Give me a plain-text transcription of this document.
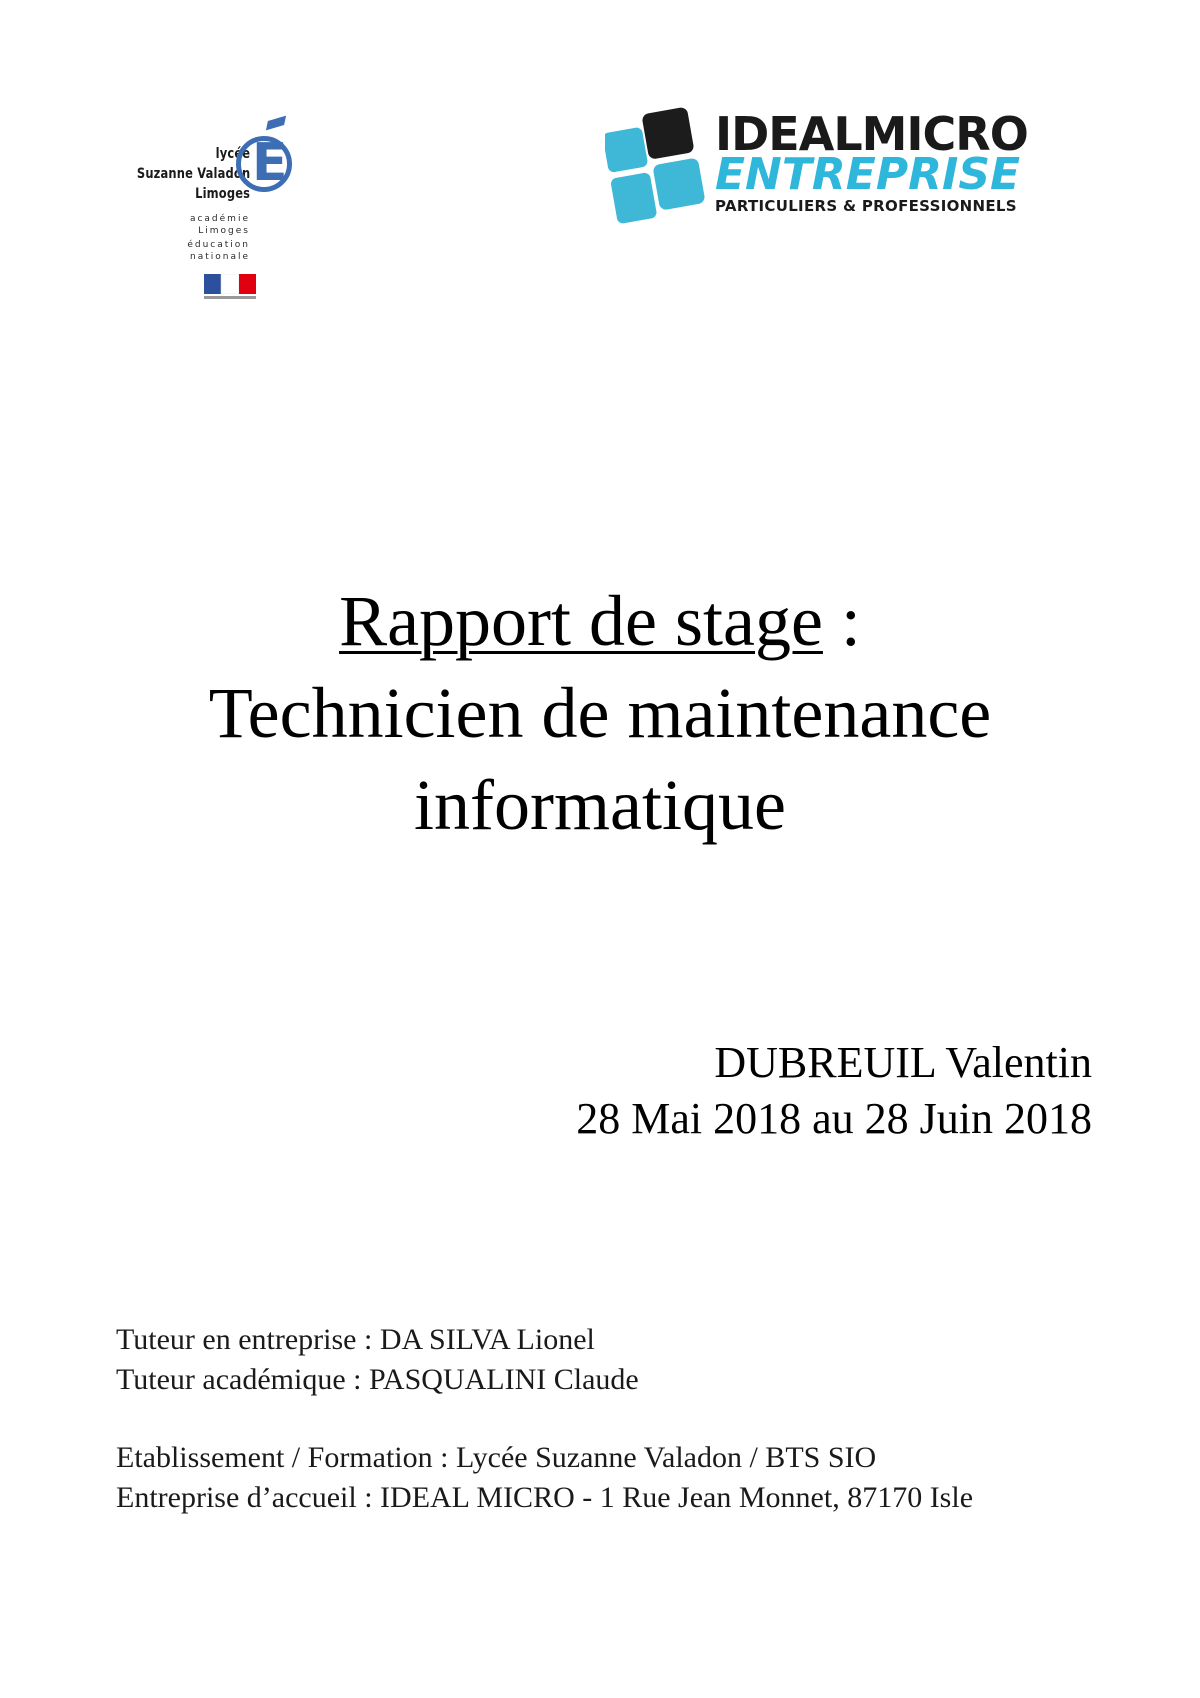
lycée
Suzanne Valadon
Limoges
académie
Limoges
éducation
nationale
E	IDEALMICRO
ENTREPRISE
PARTICULIERS & PROFESSIONNELS
Rapport de stage :
Technicien de maintenance
informatique
DUBREUIL Valentin
28 Mai 2018 au 28 Juin 2018
Tuteur en entreprise : DA SILVA Lionel
Tuteur académique : PASQUALINI Claude
Etablissement / Formation : Lycée Suzanne Valadon / BTS SIO
Entreprise d’accueil : IDEAL MICRO - 1 Rue Jean Monnet, 87170 Isle
